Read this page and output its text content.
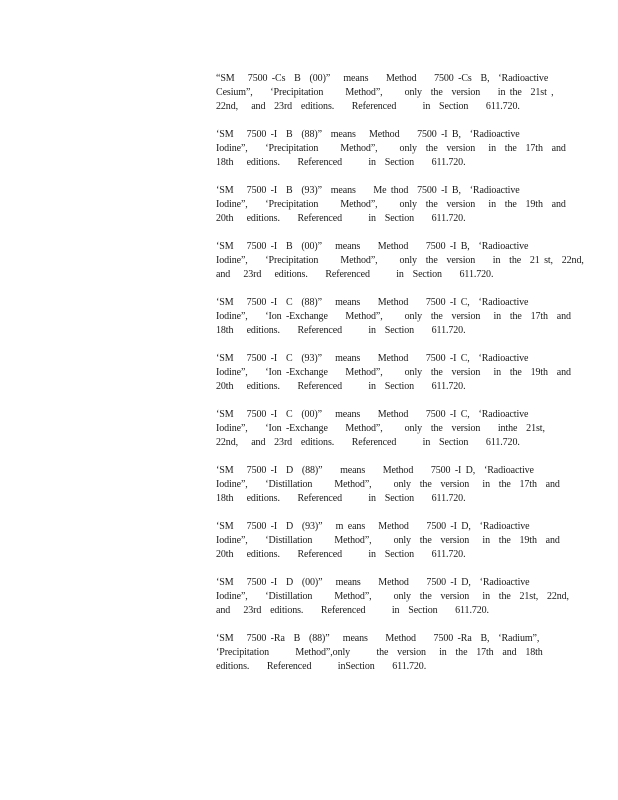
“SM   7500 -Cs  B  (00)”   means    Method    7500 -Cs  B,  ‘Radioactive
Cesium”,    ‘Precipitation     Method”,     only  the  version    in the  21st ,
22nd,   and  23rd  editions.    Referenced      in  Section    611.720.
‘SM   7500 -I  B  (88)”  means   Method    7500 -I B,  ‘Radioactive
Iodine”,    ‘Precipitation     Method”,     only  the  version   in  the  17th  and
18th   editions.    Referenced      in  Section    611.720.
‘SM   7500 -I  B  (93)”  means    Me thod  7500 -I B,  ‘Radioactive
Iodine”,    ‘Precipitation     Method”,     only  the  version   in  the  19th  and
20th   editions.    Referenced      in  Section    611.720.
‘SM   7500 -I  B  (00)”   means    Method    7500 -I B,  ‘Radioactive
Iodine”,    ‘Precipitation     Method”,     only  the  version    in  the  21 st,  22nd,
and   23rd   editions.    Referenced      in  Section    611.720.
‘SM   7500 -I  C  (88)”   means    Method    7500 -I C,  ‘Radioactive
Iodine”,    ‘Ion -Exchange    Method”,     only  the  version   in  the  17th  and
18th   editions.    Referenced      in  Section    611.720.
‘SM   7500 -I  C  (93)”   means    Method    7500 -I C,  ‘Radioactive
Iodine”,    ‘Ion -Exchange    Method”,     only  the  version   in  the  19th  and
20th   editions.    Referenced      in  Section    611.720.
‘SM   7500 -I  C  (00)”   means    Method    7500 -I C,  ‘Radioactive
Iodine”,    ‘Ion -Exchange    Method”,     only  the  version    inthe  21st,
22nd,   and  23rd  editions.    Referenced      in  Section    611.720.
‘SM   7500 -I  D  (88)”    means    Method    7500 -I D,  ‘Radioactive
Iodine”,    ‘Distillation     Method”,     only  the  version   in  the  17th  and
18th   editions.    Referenced      in  Section    611.720.
‘SM   7500 -I  D  (93)”   m eans   Method    7500 -I D,  ‘Radioactive
Iodine”,    ‘Distillation     Method”,     only  the  version   in  the  19th  and
20th   editions.    Referenced      in  Section    611.720.
‘SM   7500 -I  D  (00)”   means    Method    7500 -I D,  ‘Radioactive
Iodine”,    ‘Distillation     Method”,     only  the  version   in  the  21st,  22nd,
and   23rd  editions.    Referenced      in  Section    611.720.
‘SM   7500 -Ra  B  (88)”   means    Method    7500 -Ra  B,  ‘Radium”,
‘Precipitation      Method”,only      the  version   in  the  17th  and  18th
editions.    Referenced      inSection    611.720.
